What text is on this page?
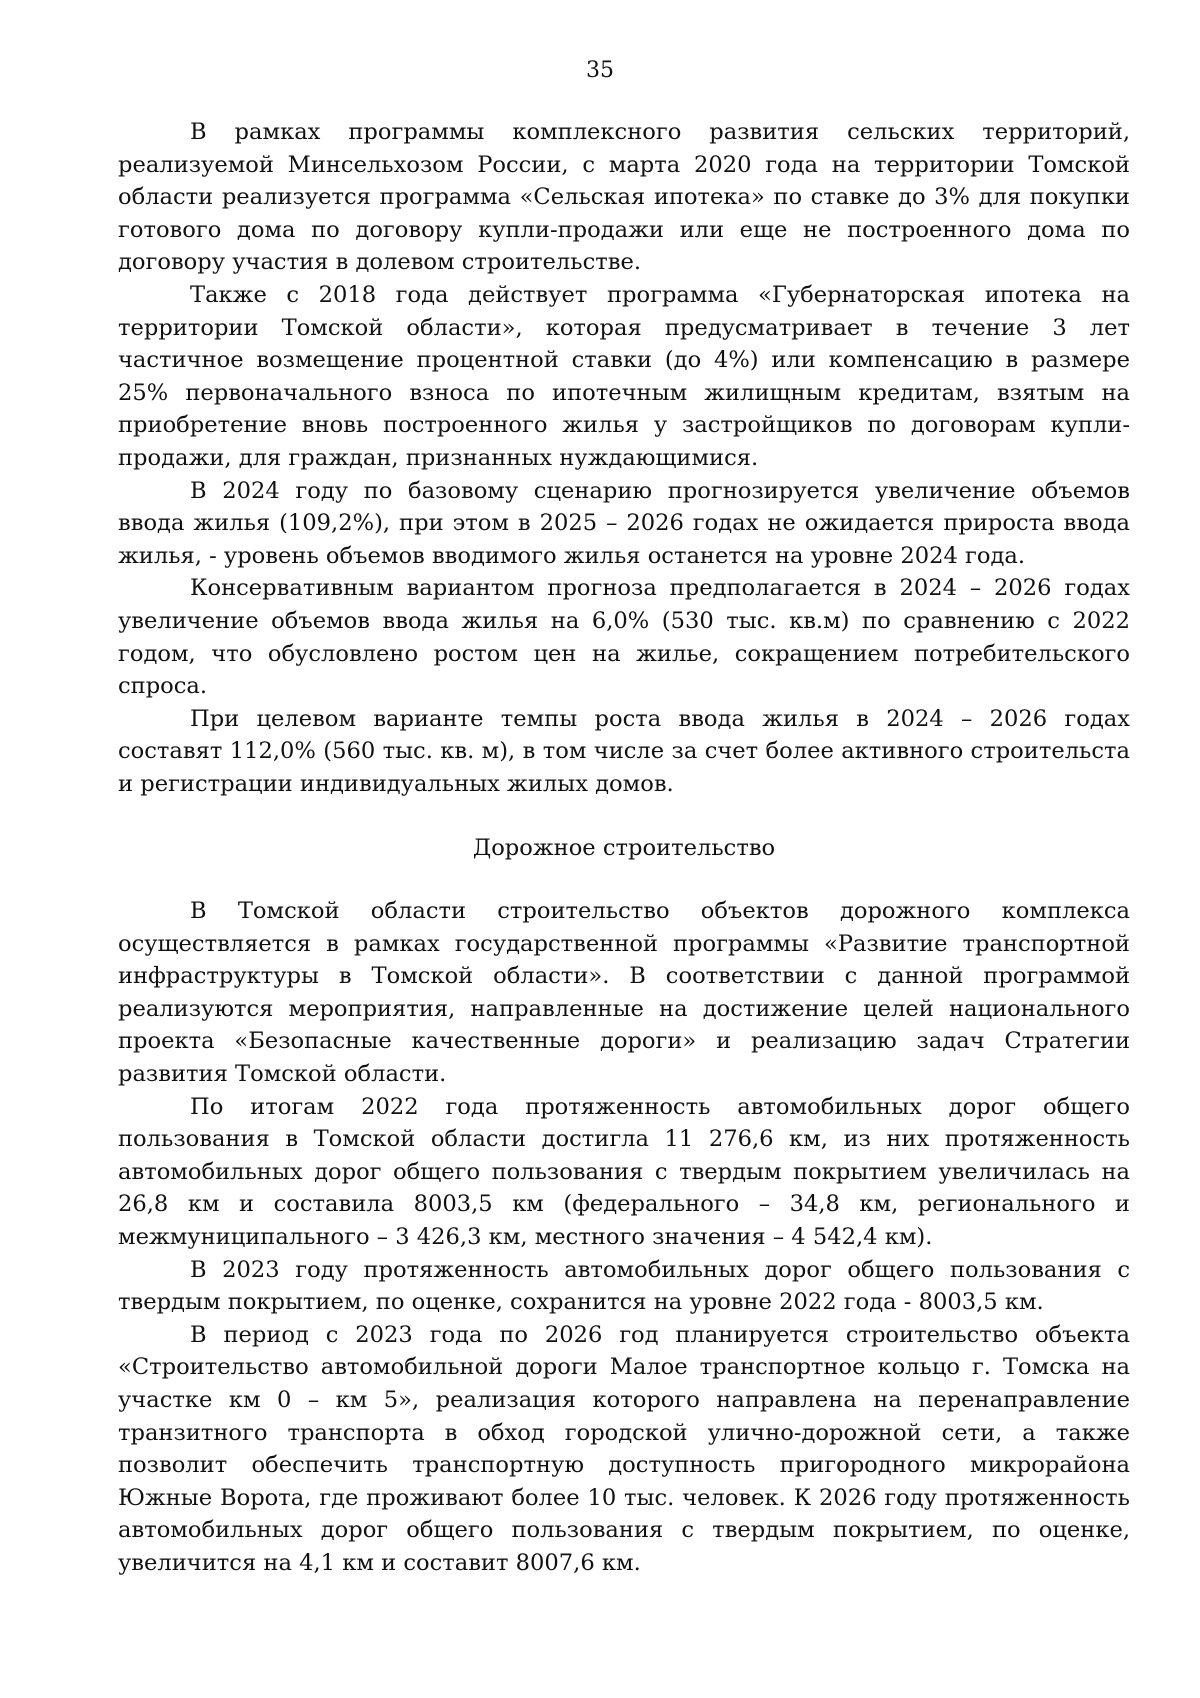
35

В рамках программы комплексного развития сельских территорий, реализуемой Минсельхозом России, с марта 2020 года на территории Томской области реализуется программа «Сельская ипотека» по ставке до 3% для покупки готового дома по договору купли-продажи или еще не построенного дома по договору участия в долевом строительстве.

Также с 2018 года действует программа «Губернаторская ипотека на территории Томской области», которая предусматривает в течение 3 лет частичное возмещение процентной ставки (до 4%) или компенсацию в размере 25% первоначального взноса по ипотечным жилищным кредитам, взятым на приобретение вновь построенного жилья у застройщиков по договорам купли-продажи, для граждан, признанных нуждающимися.

В 2024 году по базовому сценарию прогнозируется увеличение объемов ввода жилья (109,2%), при этом в 2025 – 2026 годах не ожидается прироста ввода жилья, - уровень объемов вводимого жилья останется на уровне 2024 года.

Консервативным вариантом прогноза предполагается в 2024 – 2026 годах увеличение объемов ввода жилья на 6,0% (530 тыс. кв.м) по сравнению с 2022 годом, что обусловлено ростом цен на жилье, сокращением потребительского спроса.

При целевом варианте темпы роста ввода жилья в 2024 – 2026 годах составят 112,0% (560 тыс. кв. м), в том числе за счет более активного строительста и регистрации индивидуальных жилых домов.

Дорожное строительство

В Томской области строительство объектов дорожного комплекса осуществляется в рамках государственной программы «Развитие транспортной инфраструктуры в Томской области». В соответствии с данной программой реализуются мероприятия, направленные на достижение целей национального проекта «Безопасные качественные дороги» и реализацию задач Стратегии развития Томской области.

По итогам 2022 года протяженность автомобильных дорог общего пользования в Томской области достигла 11 276,6 км, из них протяженность автомобильных дорог общего пользования с твердым покрытием увеличилась на 26,8 км и составила 8003,5 км (федерального – 34,8 км, регионального и межмуниципального – 3 426,3 км, местного значения – 4 542,4 км).

В 2023 году протяженность автомобильных дорог общего пользования с твердым покрытием, по оценке, сохранится на уровне 2022 года - 8003,5 км.

В период с 2023 года по 2026 год планируется строительство объекта «Строительство автомобильной дороги Малое транспортное кольцо г. Томска на участке км 0 – км 5», реализация которого направлена на перенаправление транзитного транспорта в обход городской улично-дорожной сети, а также позволит обеспечить транспортную доступность пригородного микрорайона Южные Ворота, где проживают более 10 тыс. человек. К 2026 году протяженность автомобильных дорог общего пользования с твердым покрытием, по оценке, увеличится на 4,1 км и составит 8007,6 км.
